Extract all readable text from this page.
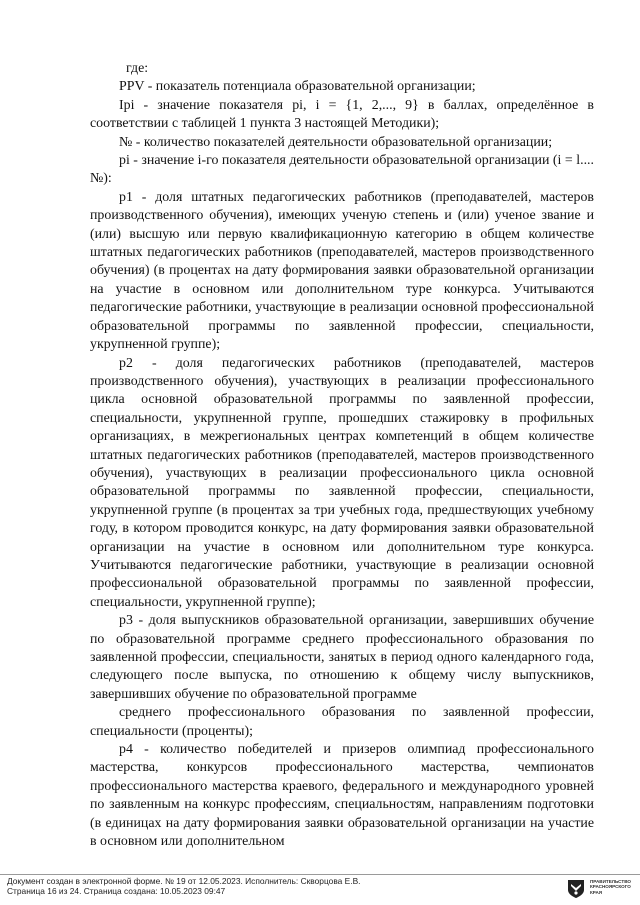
где:

PPV - показатель потенциала образовательной организации;

Ipi - значение показателя pi, i = {1, 2,..., 9} в баллах, определённое в соответствии с таблицей 1 пункта 3 настоящей Методики);

№ - количество показателей деятельности образовательной организации;

pi - значение i-го показателя деятельности образовательной организации (i = l....№):

р1 - доля штатных педагогических работников (преподавателей, мастеров производственного обучения), имеющих ученую степень и (или) ученое звание и (или) высшую или первую квалификационную категорию в общем количестве штатных педагогических работников (преподавателей, мастеров производственного обучения) (в процентах на дату формирования заявки образовательной организации на участие в основном или дополнительном туре конкурса. Учитываются педагогические работники, участвующие в реализации основной профессиональной образовательной программы по заявленной профессии, специальности, укрупненной группе);

р2 - доля педагогических работников (преподавателей, мастеров производственного обучения), участвующих в реализации профессионального цикла основной образовательной программы по заявленной профессии, специальности, укрупненной группе, прошедших стажировку в профильных организациях, в межрегиональных центрах компетенций в общем количестве штатных педагогических работников (преподавателей, мастеров производственного обучения), участвующих в реализации профессионального цикла основной образовательной программы по заявленной профессии, специальности, укрупненной группе (в процентах за три учебных года, предшествующих учебному году, в котором проводится конкурс, на дату формирования заявки образовательной организации на участие в основном или дополнительном туре конкурса. Учитываются педагогические работники, участвующие в реализации основной профессиональной образовательной программы по заявленной профессии, специальности, укрупненной группе);

р3 - доля выпускников образовательной организации, завершивших обучение по образовательной программе среднего профессионального образования по заявленной профессии, специальности, занятых в период одного календарного года, следующего после выпуска, по отношению к общему числу выпускников, завершивших обучение по образовательной программе

среднего профессионального образования по заявленной профессии, специальности (проценты);

р4 - количество победителей и призеров олимпиад профессионального мастерства, конкурсов профессионального мастерства, чемпионатов профессионального мастерства краевого, федерального и международного уровней по заявленным на конкурс профессиям, специальностям, направлениям подготовки (в единицах на дату формирования заявки образовательной организации на участие в основном или дополнительном

Документ создан в электронной форме. № 19 от 12.05.2023. Исполнитель: Скворцова Е.В.
Страница 16 из 24. Страница создана: 10.05.2023 09:47
ПРАВИТЕЛЬСТВО КРАСНОЯРСКОГО КРАЯ
